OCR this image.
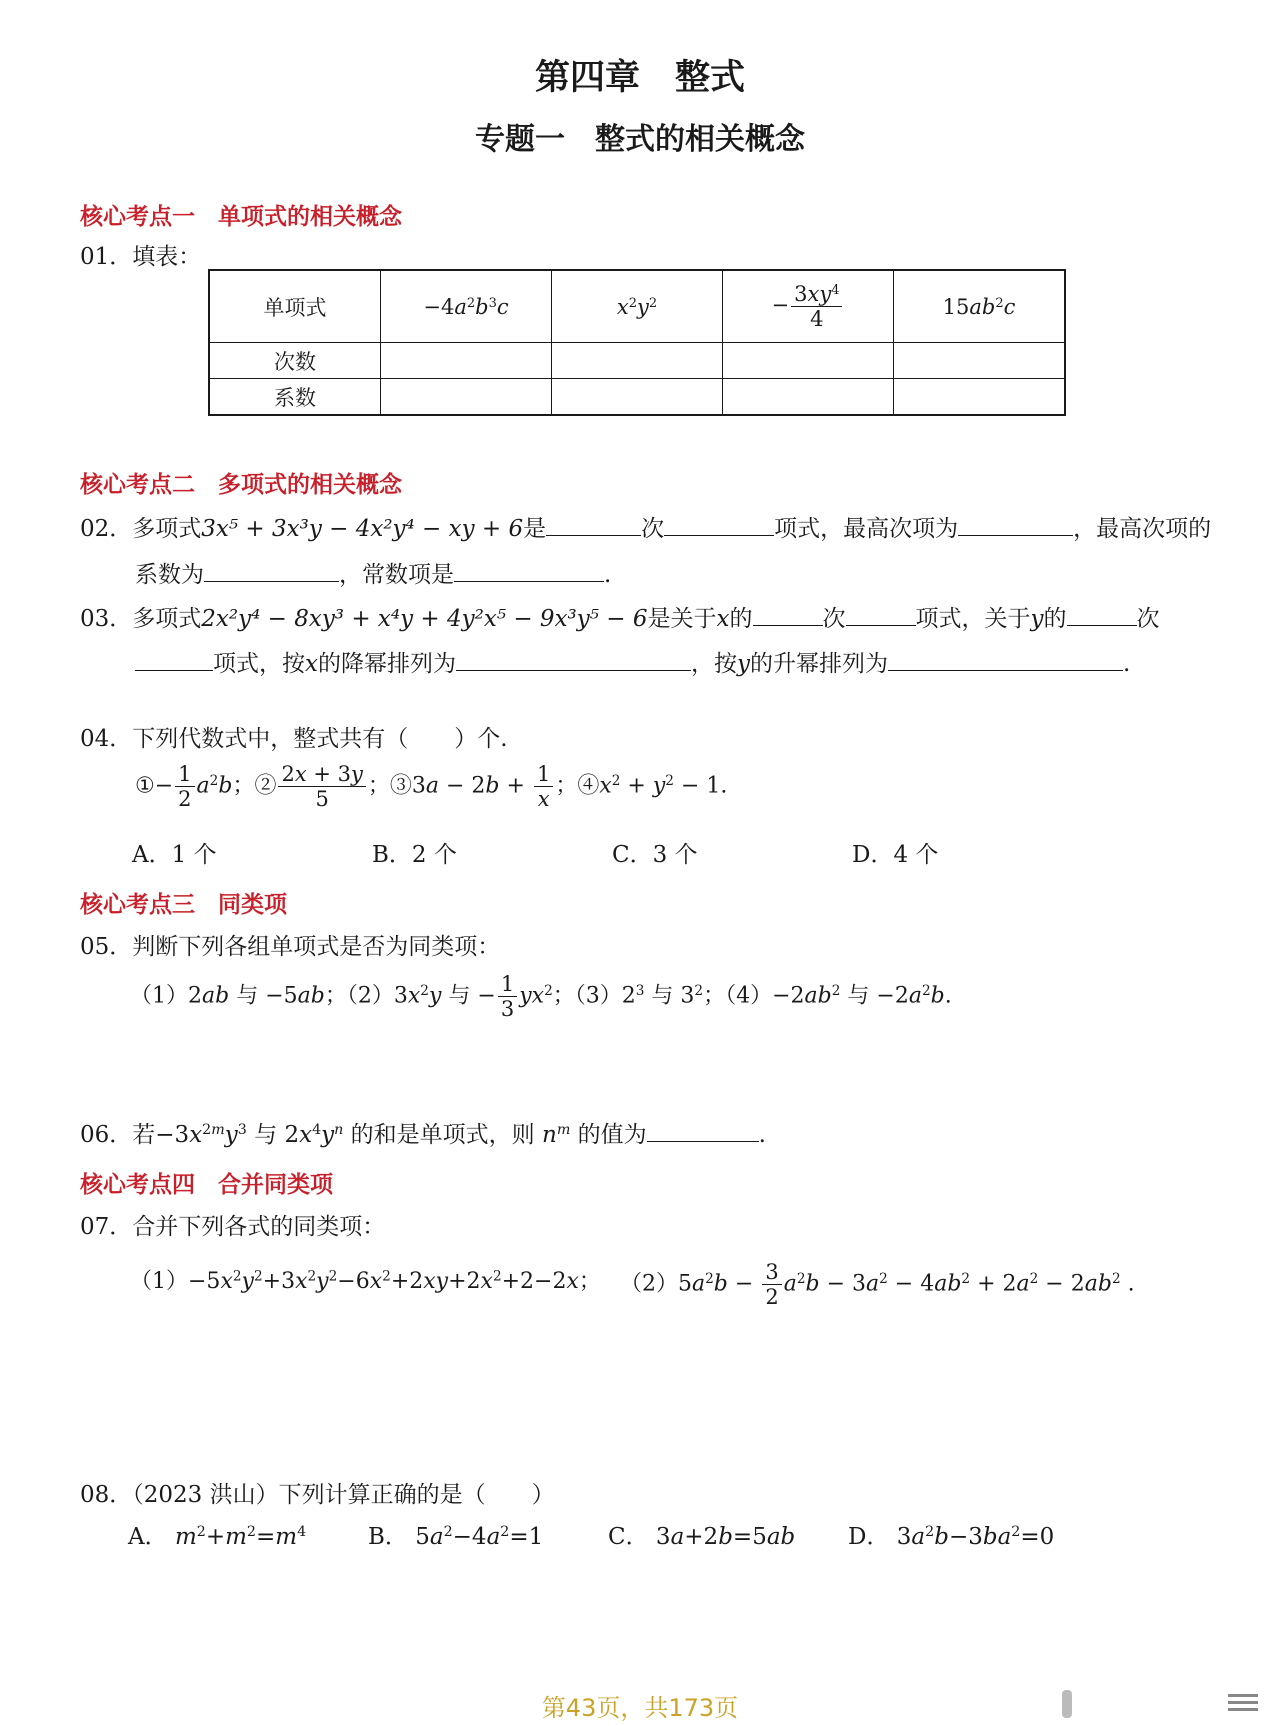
第四章　整式
专题一　整式的相关概念
核心考点一　单项式的相关概念
01．填表：
单项式	$-4a^2b^3c$	$x^2y^2$	− $\frac{3xy^4}{4}$	$15ab^2c$
次数				
系数				
核心考点二　多项式的相关概念
02．多项式3x⁵ + 3x³y − 4x²y⁴ − xy + 6是	次	项式，最高次项为	，最高次项的
系数为	，常数项是	.
03．多项式2x²y⁴ − 8xy³ + x⁴y + 4y²x⁵ − 9x³y⁵ − 6是关于x的	次	项式，关于y的	次
项式，按x的降幂排列为	，按y的升幂排列为	.
04．下列代数式中，整式共有（　　）个.
①− $\frac{1}{2} a^2b$；② $\frac{2x + 3y}{5}$ ；③3a − $2b + \frac{1}{x}$ ；$④x^2 + y^2 - 1$.
A．1 个	B．2 个	C．3 个	D．4 个
核心考点三　同类项
05．判断下列各组单项式是否为同类项：
（1）2ab 与 −5ab；$(2)3x^2y$ 与 − $\frac{1}{3} yx^2$；$(3)2^3$ 与 $3^2$；$(4)-2ab^2$ 与 $-2a^2b$.
06．若$-3x^{2m}y^3$ 与 $2x^4y^n$ 的和是单项式，则 $n^m$ 的值为	.
核心考点四　合并同类项
07．合并下列各式的同类项：
$(1)-5x^2y^2+3x^2y^2-6x^2+2xy+2x^2+2-2x$； $(2)5a^2b - \frac{3}{2} a^2b - 3a^2 - 4ab^2 + 2a^2 - 2ab^2$ .
08．（2023 洪山）下列计算正确的是（　　）
A． $m^2+m^2=m^4$	B． $5a^2-4a^2=1$	C． 3a+2b=5ab D． $3a^2b-3ba^2=0$
第43页，共173页
